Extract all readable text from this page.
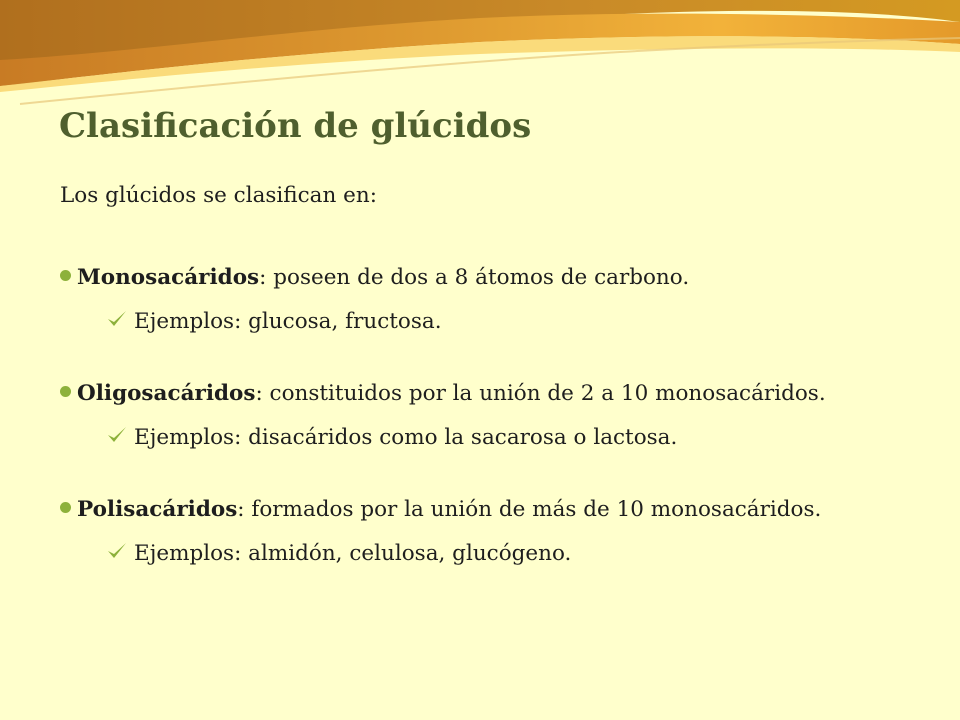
Clasificación de glúcidos

Los glúcidos se clasifican en:

Monosacáridos: poseen de dos a 8 átomos de carbono.

Ejemplos: glucosa, fructosa.

Oligosacáridos: constituidos por la unión de 2 a 10 monosacáridos.

Ejemplos: disacáridos como la sacarosa o lactosa.

Polisacáridos: formados por la unión de más de 10 monosacáridos.

Ejemplos: almidón, celulosa, glucógeno.
